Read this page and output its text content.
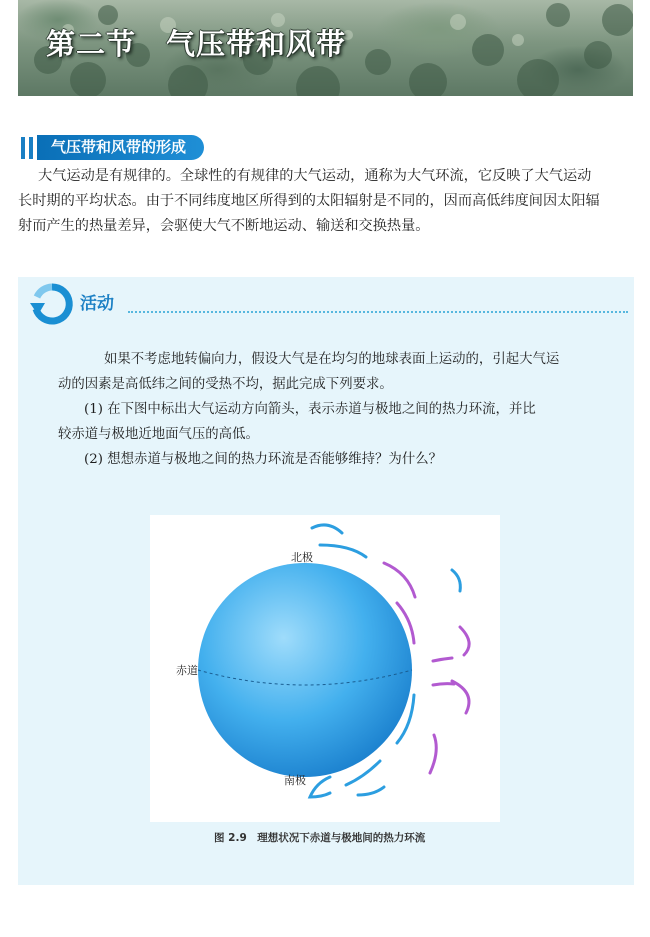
第二节　气压带和风带
气压带和风带的形成

大气运动是有规律的。全球性的有规律的大气运动，通称为大气环流，它反映了大气运动

长时期的平均状态。由于不同纬度地区所得到的太阳辐射是不同的，因而高低纬度间因太阳辐

射而产生的热量差异，会驱使大气不断地运动、输送和交换热量。

活动

如果不考虑地转偏向力，假设大气是在均匀的地球表面上运动的，引起大气运

动的因素是高低纬之间的受热不均，据此完成下列要求。

(1) 在下图中标出大气运动方向箭头，表示赤道与极地之间的热力环流，并比

较赤道与极地近地面气压的高低。

(2) 想想赤道与极地之间的热力环流是否能够维持？为什么？

北极
赤道
南极
图 2.9　理想状况下赤道与极地间的热力环流
